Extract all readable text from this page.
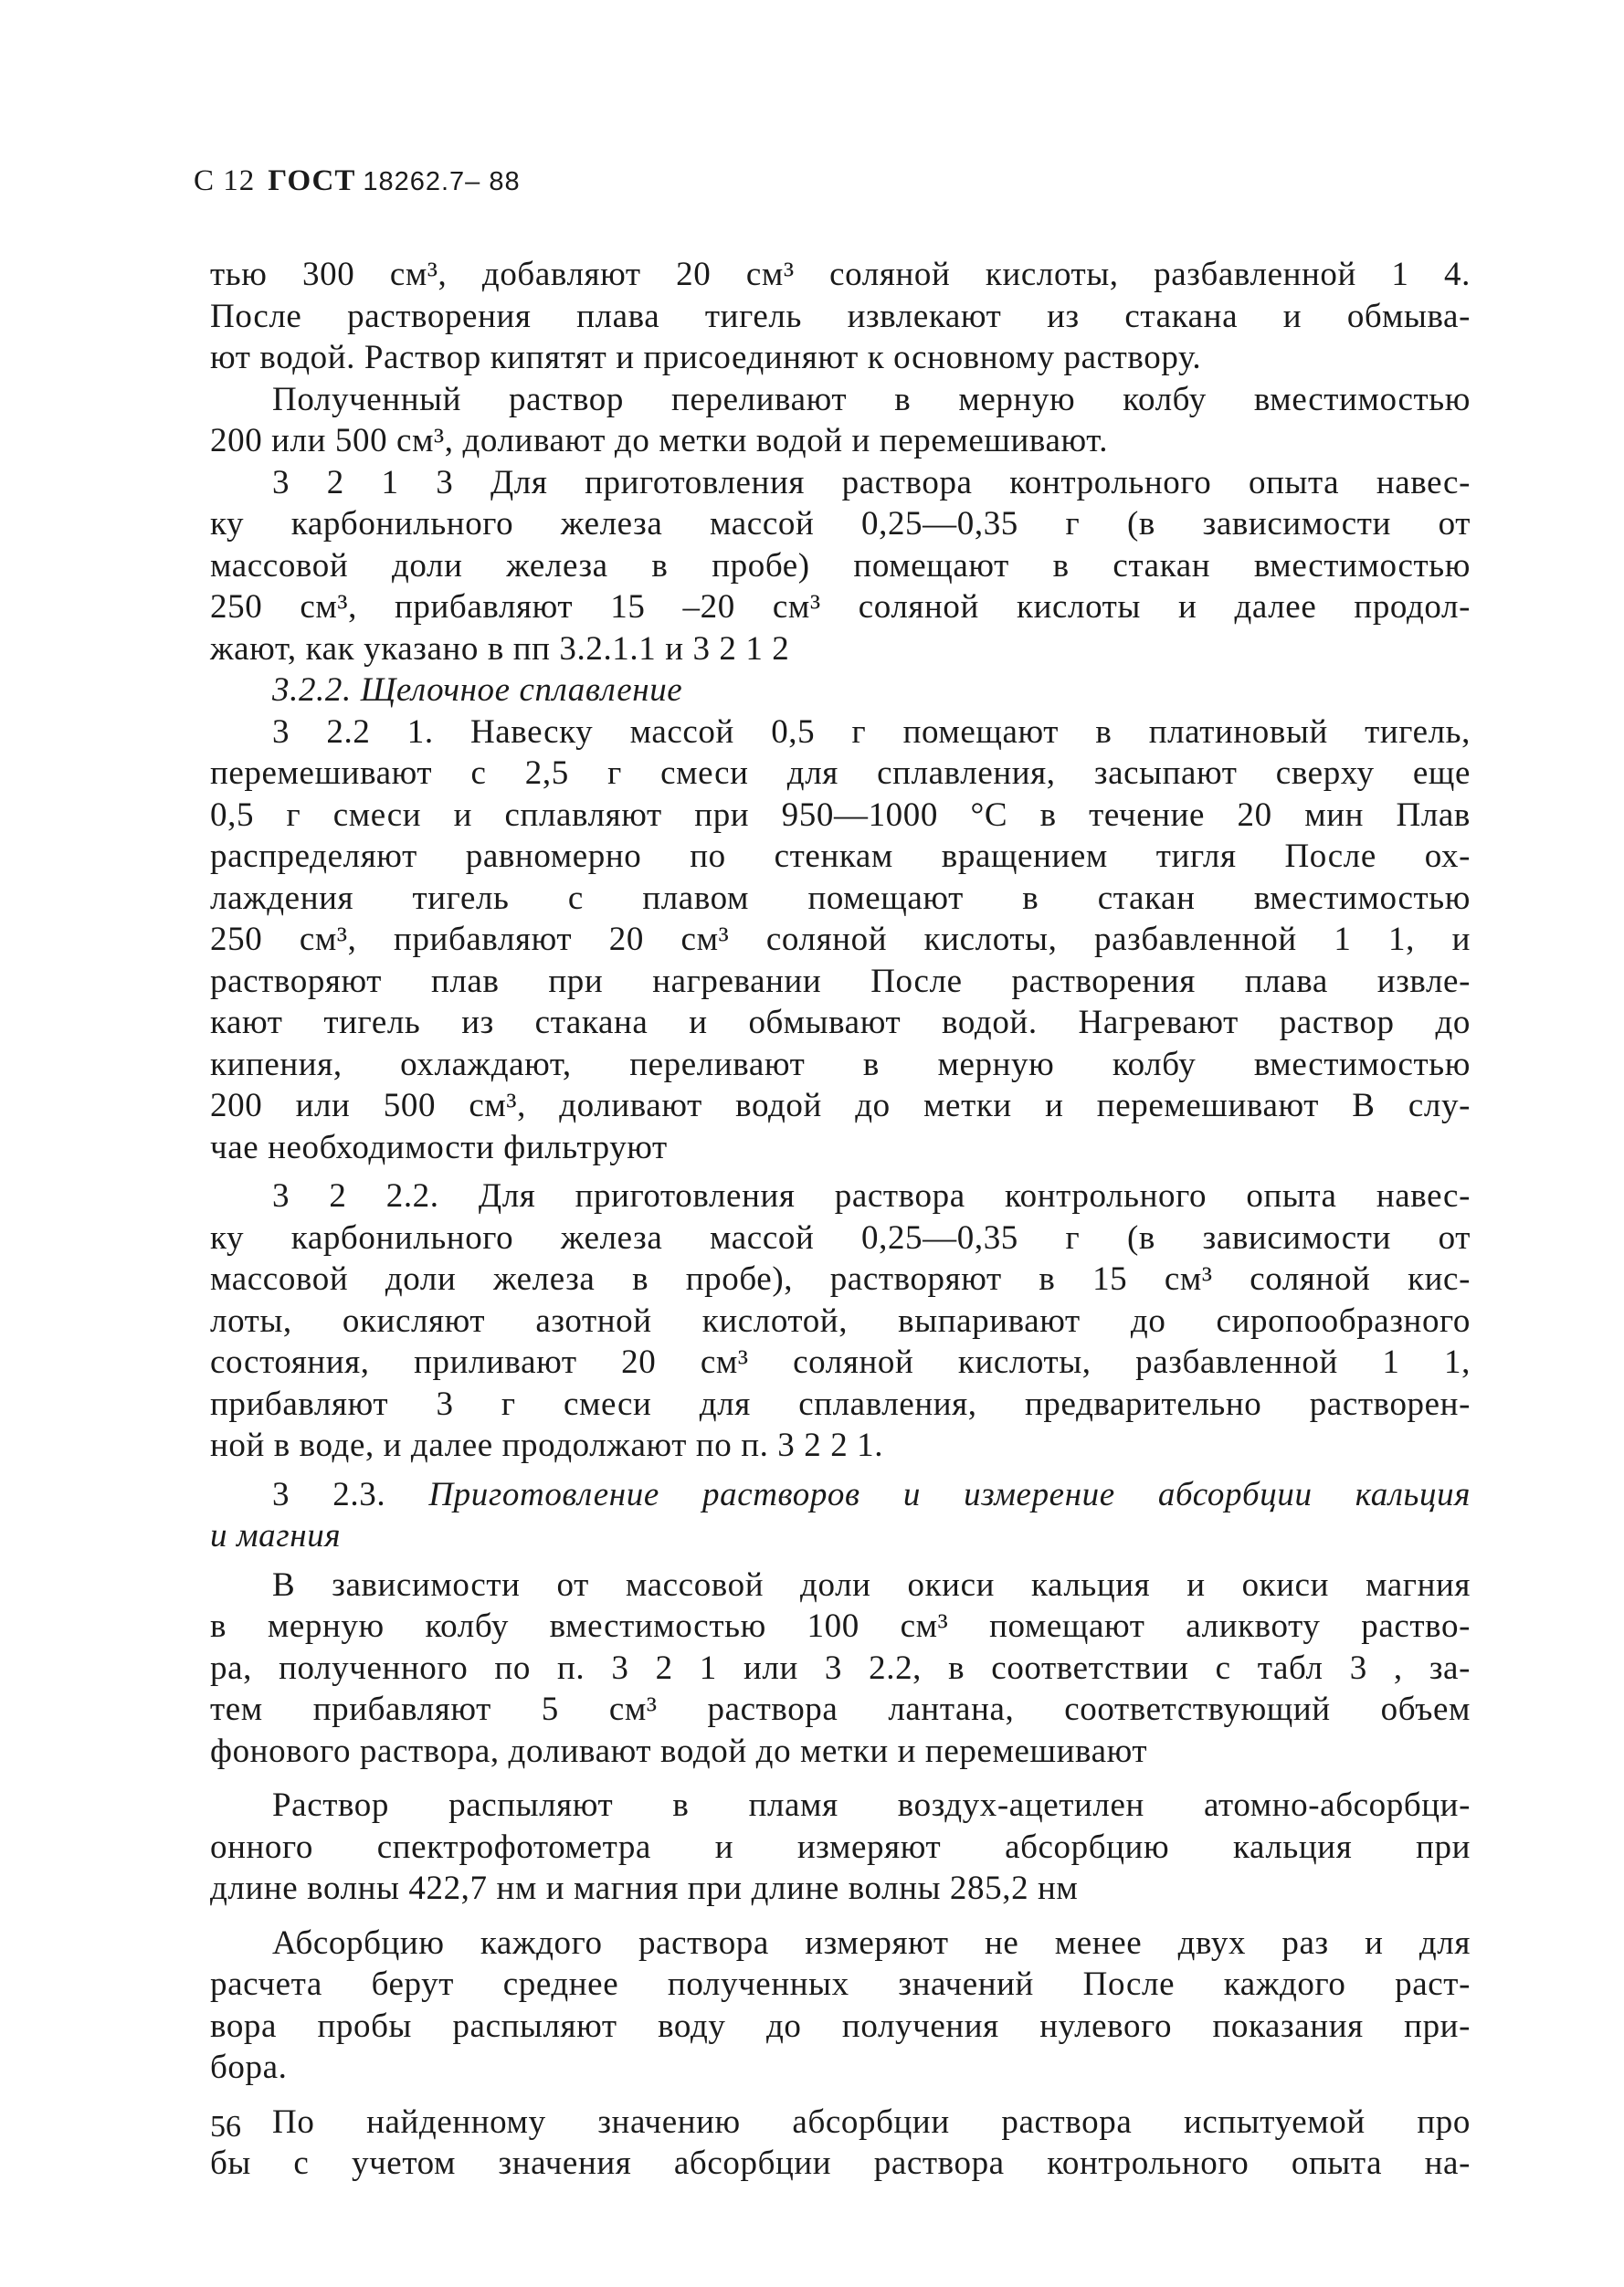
С 12 ГОСТ 18262.7– 88
тью 300 см³, добавляют 20 см³ соляной кислоты, разбавленной 1 4.
После растворения плава тигель извлекают из стакана и обмыва-
ют водой. Раствор кипятят и присоединяют к основному раствору.
Полученный раствор переливают в мерную колбу вместимостью
200 или 500 см³, доливают до метки водой и перемешивают.
3 2 1 3 Для приготовления раствора контрольного опыта навес-
ку карбонильного железа массой 0,25—0,35 г (в зависимости от
массовой доли железа в пробе) помещают в стакан вместимостью
250 см³, прибавляют 15 –20 см³ соляной кислоты и далее продол-
жают, как указано в пп 3.2.1.1 и 3 2 1 2
3.2.2. Щелочное сплавление
3 2.2 1. Навеску массой 0,5 г помещают в платиновый тигель,
перемешивают с 2,5 г смеси для сплавления, засыпают сверху еще
0,5 г смеси и сплавляют при 950—1000 °С в течение 20 мин Плав
распределяют равномерно по стенкам вращением тигля После ох-
лаждения тигель с плавом помещают в стакан вместимостью
250 см³, прибавляют 20 см³ соляной кислоты, разбавленной 1 1, и
растворяют плав при нагревании После растворения плава извле-
кают тигель из стакана и обмывают водой. Нагревают раствор до
кипения, охлаждают, переливают в мерную колбу вместимостью
200 или 500 см³, доливают водой до метки и перемешивают В слу-
чае необходимости фильтруют
3 2 2.2. Для приготовления раствора контрольного опыта навес-
ку карбонильного железа массой 0,25—0,35 г (в зависимости от
массовой доли железа в пробе), растворяют в 15 см³ соляной кис-
лоты, окисляют азотной кислотой, выпаривают до сиропообразного
состояния, приливают 20 см³ соляной кислоты, разбавленной 1 1,
прибавляют 3 г смеси для сплавления, предварительно растворен-
ной в воде, и далее продолжают по п. 3 2 2 1.
3 2.3. Приготовление растворов и измерение абсорбции кальция
и магния
В зависимости от массовой доли окиси кальция и окиси магния
в мерную колбу вместимостью 100 см³ помещают аликвоту раство-
ра, полученного по п. 3 2 1 или 3 2.2, в соответствии с табл 3 , за-
тем прибавляют 5 см³ раствора лантана, соответствующий объем
фонового раствора, доливают водой до метки и перемешивают
Раствор распыляют в пламя воздух-ацетилен атомно-абсорбци-
онного спектрофотометра и измеряют абсорбцию кальция при
длине волны 422,7 нм и магния при длине волны 285,2 нм
Абсорбцию каждого раствора измеряют не менее двух раз и для
расчета берут среднее полученных значений После каждого раст-
вора пробы распыляют воду до получения нулевого показания при-
бора.
По найденному значению абсорбции раствора испытуемой про
бы с учетом значения абсорбции раствора контрольного опыта на-
56
